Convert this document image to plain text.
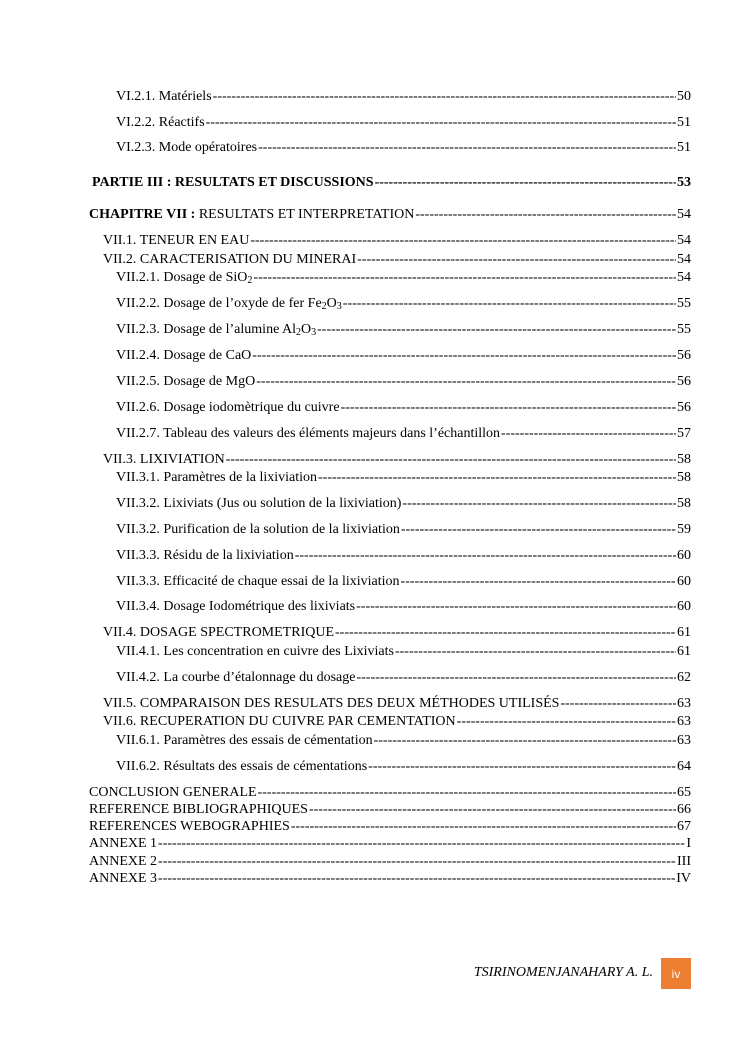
VI.2.1. Matériels -----	50
VI.2.2. Réactifs -----	51
VI.2.3. Mode opératoires -----	51
PARTIE III : RESULTATS ET DISCUSSIONS -----	53
CHAPITRE VII : RESULTATS ET INTERPRETATION -----	54
VII.1. TENEUR EN EAU -----	54
VII.2. CARACTERISATION DU MINERAI -----	54
VII.2.1. Dosage de SiO$_2$ -----	54
VII.2.2. Dosage de l’oxyde de fer $Fe_2O_3$ -----	55
VII.2.3. Dosage de l’alumine $Al_2O_3$ -----	55
VII.2.4. Dosage de CaO -----	56
VII.2.5. Dosage de MgO -----	56
VII.2.6. Dosage iodomètrique du cuivre -----	56
VII.2.7. Tableau des valeurs des éléments majeurs dans l’échantillon -----	57
VII.3. LIXIVIATION -----	58
VII.3.1. Paramètres de la lixiviation -----	58
VII.3.2. Lixiviats (Jus ou solution de la lixiviation) -----	58
VII.3.2. Purification de la solution de la lixiviation -----	59
VII.3.3. Résidu de la lixiviation -----	60
VII.3.3. Efficacité de chaque essai de la lixiviation -----	60
VII.3.4. Dosage Iodométrique des lixiviats -----	60
VII.4. DOSAGE SPECTROMETRIQUE -----	61
VII.4.1. Les concentration en cuivre des Lixiviats -----	61
VII.4.2. La courbe d’étalonnage du dosage -----	62
VII.5. COMPARAISON DES RESULATS DES DEUX MÉTHODES UTILISÉS -----	63
VII.6. RECUPERATION DU CUIVRE PAR CEMENTATION -----	63
VII.6.1. Paramètres des essais de cémentation -----	63
VII.6.2. Résultats des essais de cémentations -----	64
CONCLUSION GENERALE -----	65
REFERENCE BIBLIOGRAPHIQUES -----	66
REFERENCES WEBOGRAPHIES -----	67
ANNEXE 1 -----	I
ANNEXE 2 -----	III
ANNEXE 3 -----	IV
TSIRINOMENJANAHARY A. L.	iv
